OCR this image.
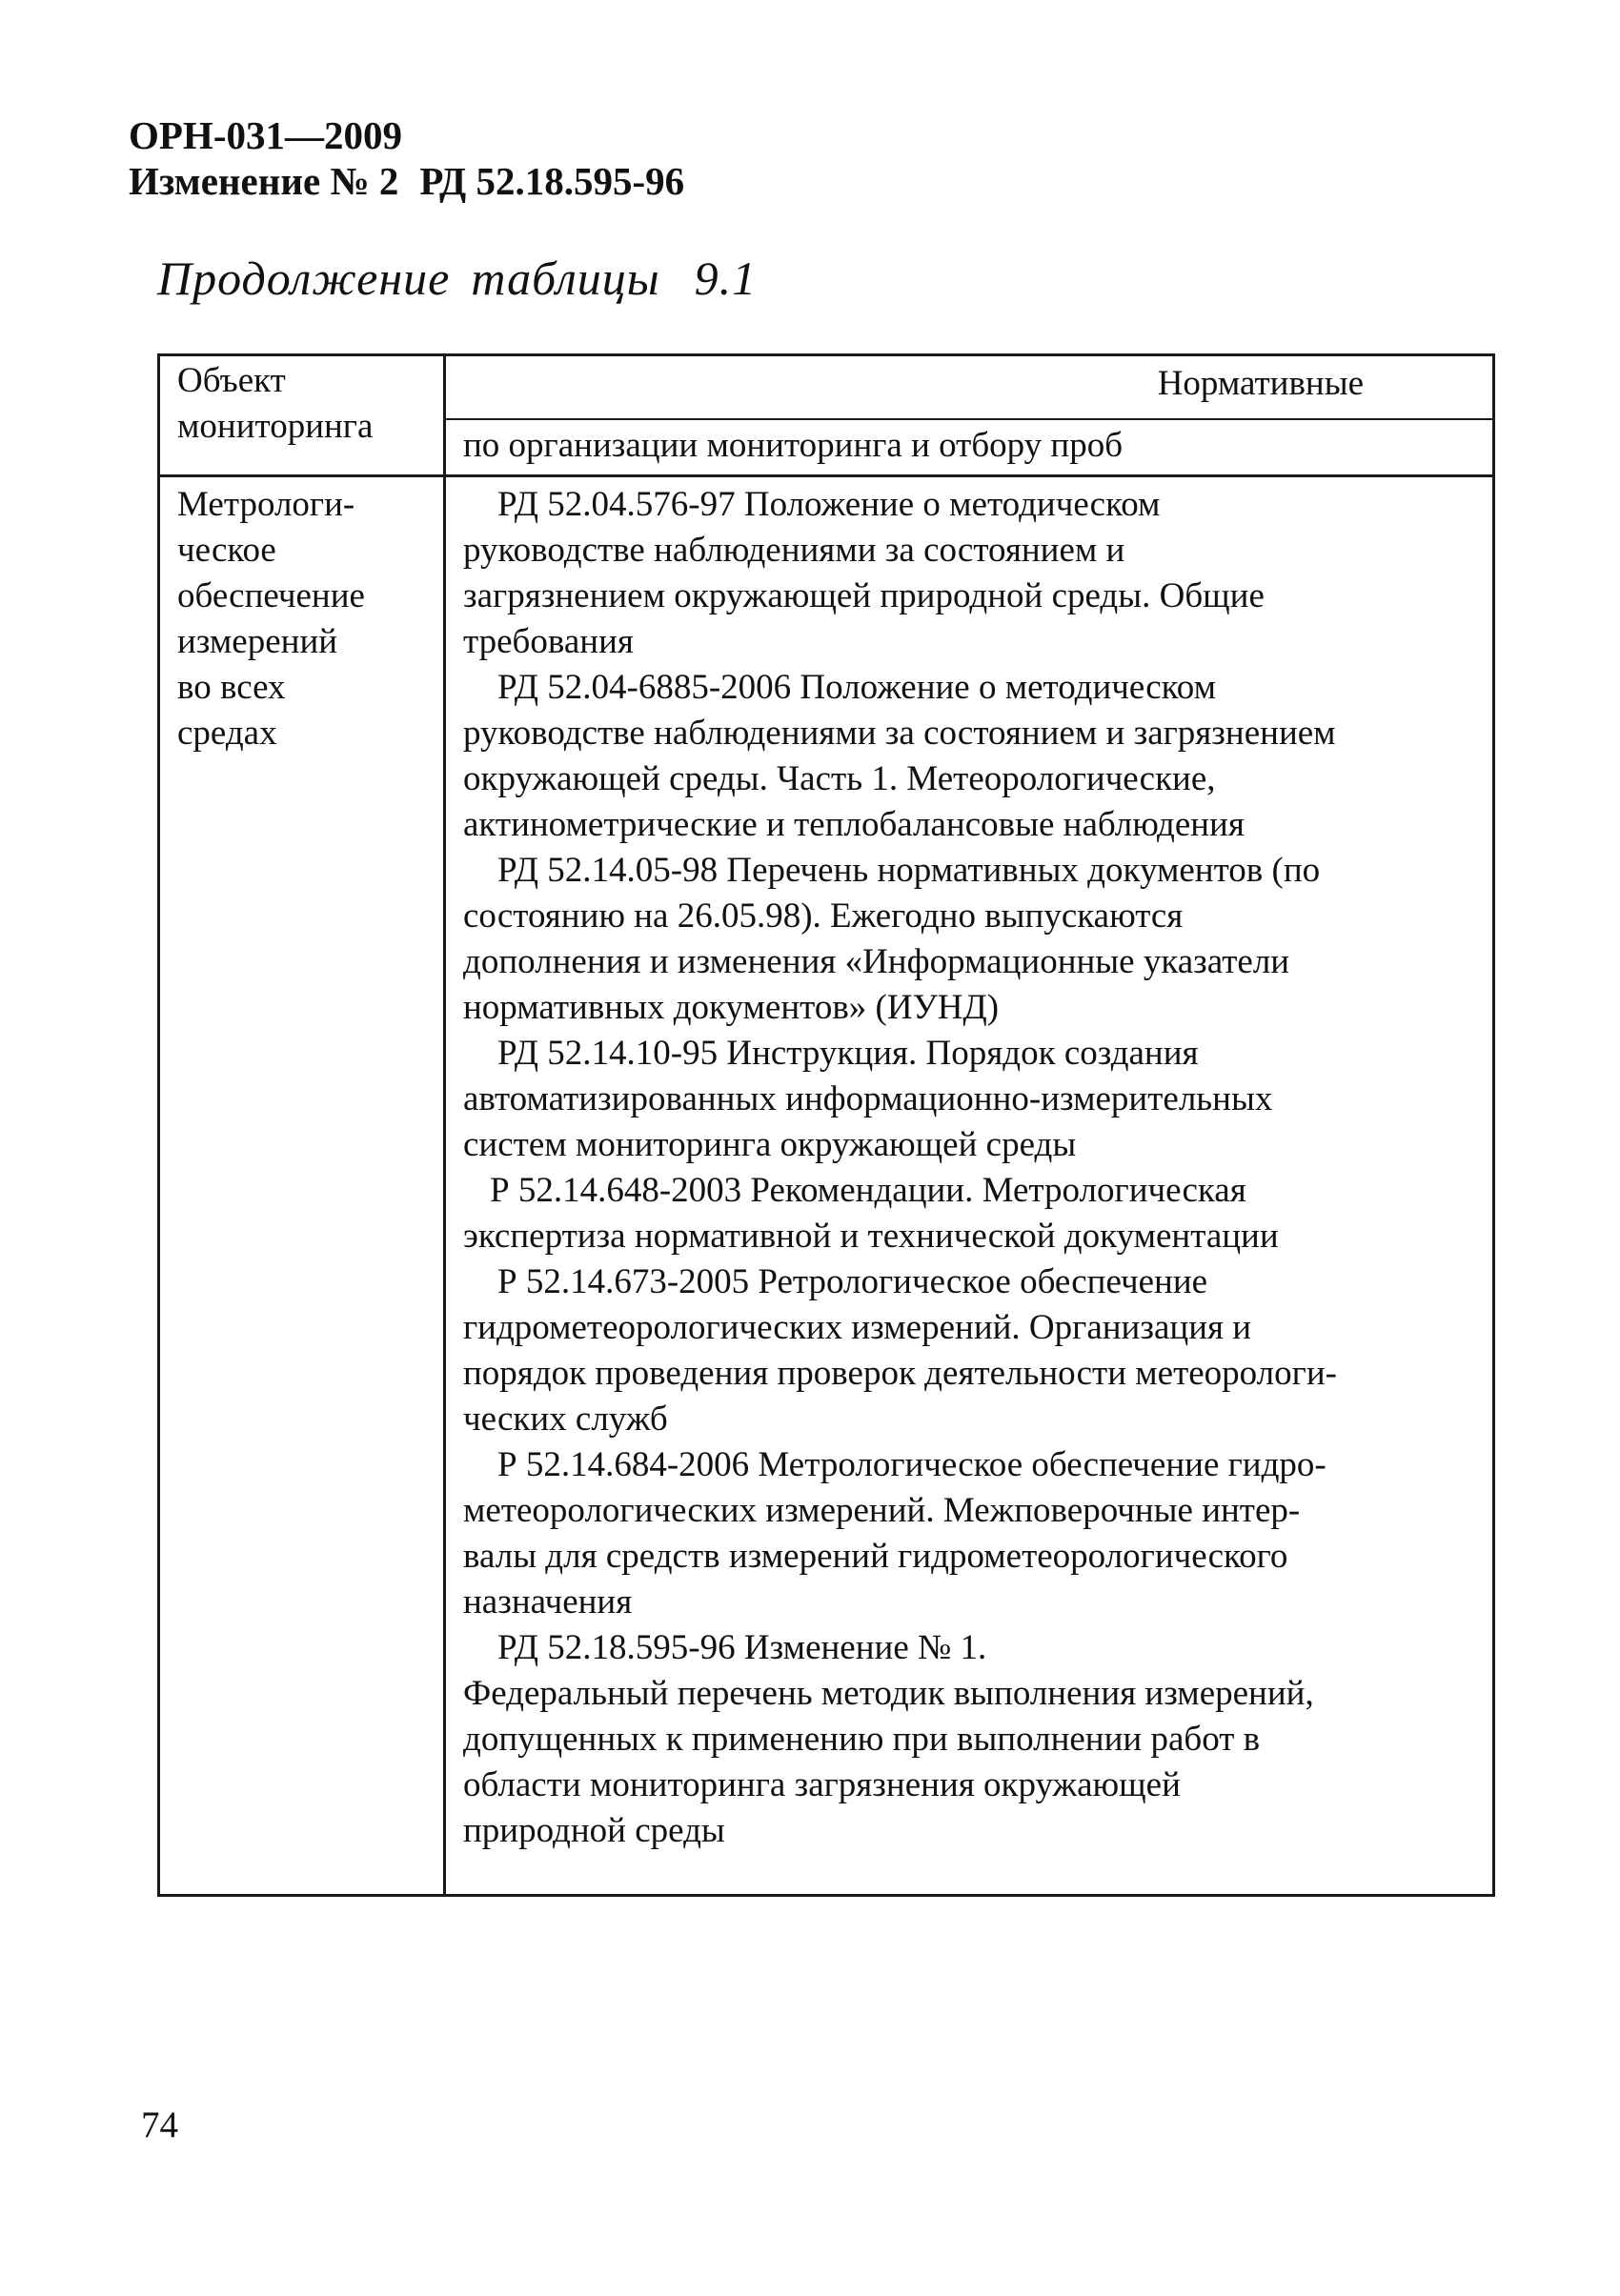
ОРН-031—2009
Изменение № 2 РД 52.18.595-96
Продолжение таблицы 9.1
Объект
мониторинга
Нормативные
по организации мониторинга и отбору проб
Метрологи-
ческое
обеспечение
измерений
во всех
средах
РД 52.04.576-97 Положение о методическом
руководстве наблюдениями за состоянием и
загрязнением окружающей природной среды. Общие
требования
РД 52.04-6885-2006 Положение о методическом
руководстве наблюдениями за состоянием и загрязнением
окружающей среды. Часть 1. Метеорологические,
актинометрические и теплобалансовые наблюдения
РД 52.14.05-98 Перечень нормативных документов (по
состоянию на 26.05.98). Ежегодно выпускаются
дополнения и изменения «Информационные указатели
нормативных документов» (ИУНД)
РД 52.14.10-95 Инструкция. Порядок создания
автоматизированных информационно-измерительных
систем мониторинга окружающей среды
Р 52.14.648-2003 Рекомендации. Метрологическая
экспертиза нормативной и технической документации
Р 52.14.673-2005 Ретрологическое обеспечение
гидрометеорологических измерений. Организация и
порядок проведения проверок деятельности метеорологи-
ческих служб
Р 52.14.684-2006 Метрологическое обеспечение гидро-
метеорологических измерений. Межповерочные интер-
валы для средств измерений гидрометеорологического
назначения
РД 52.18.595-96 Изменение № 1.
Федеральный перечень методик выполнения измерений,
допущенных к применению при выполнении работ в
области мониторинга загрязнения окружающей
природной среды
74
